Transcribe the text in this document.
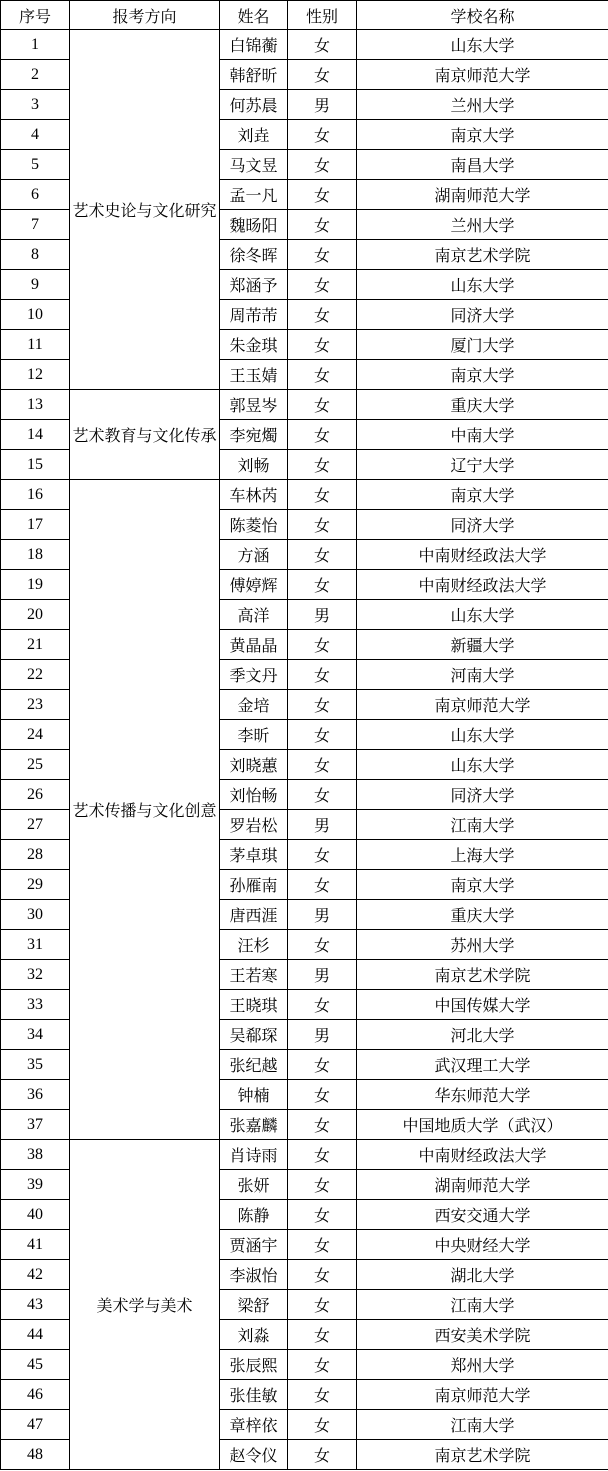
序号	报考方向	姓名	性别	学校名称
1	艺术史论与文化研究	白锦蘅	女	山东大学
2		韩舒昕	女	南京师范大学
3		何苏晨	男	兰州大学
4		刘垚	女	南京大学
5		马文昱	女	南昌大学
6		孟一凡	女	湖南师范大学
7		魏旸阳	女	兰州大学
8		徐冬晖	女	南京艺术学院
9		郑涵予	女	山东大学
10		周芾芾	女	同济大学
11		朱金琪	女	厦门大学
12		王玉婧	女	南京大学
13	艺术教育与文化传承	郭昱岑	女	重庆大学
14		李宛燭	女	中南大学
15		刘畅	女	辽宁大学
16	艺术传播与文化创意	车林芮	女	南京大学
17		陈菱怡	女	同济大学
18		方涵	女	中南财经政法大学
19		傅婷辉	女	中南财经政法大学
20		高洋	男	山东大学
21		黄晶晶	女	新疆大学
22		季文丹	女	河南大学
23		金培	女	南京师范大学
24		李昕	女	山东大学
25		刘晓蕙	女	山东大学
26		刘怡畅	女	同济大学
27		罗岩松	男	江南大学
28		茅卓琪	女	上海大学
29		孙雁南	女	南京大学
30		唐西涯	男	重庆大学
31		汪杉	女	苏州大学
32		王若寒	男	南京艺术学院
33		王晓琪	女	中国传媒大学
34		吴郗琛	男	河北大学
35		张纪越	女	武汉理工大学
36		钟楠	女	华东师范大学
37		张嘉麟	女	中国地质大学（武汉）
38	美术学与美术	肖诗雨	女	中南财经政法大学
39		张妍	女	湖南师范大学
40		陈静	女	西安交通大学
41		贾涵宇	女	中央财经大学
42		李淑怡	女	湖北大学
43		梁舒	女	江南大学
44		刘淼	女	西安美术学院
45		张辰熙	女	郑州大学
46		张佳敏	女	南京师范大学
47		章梓依	女	江南大学
48		赵令仪	女	南京艺术学院
